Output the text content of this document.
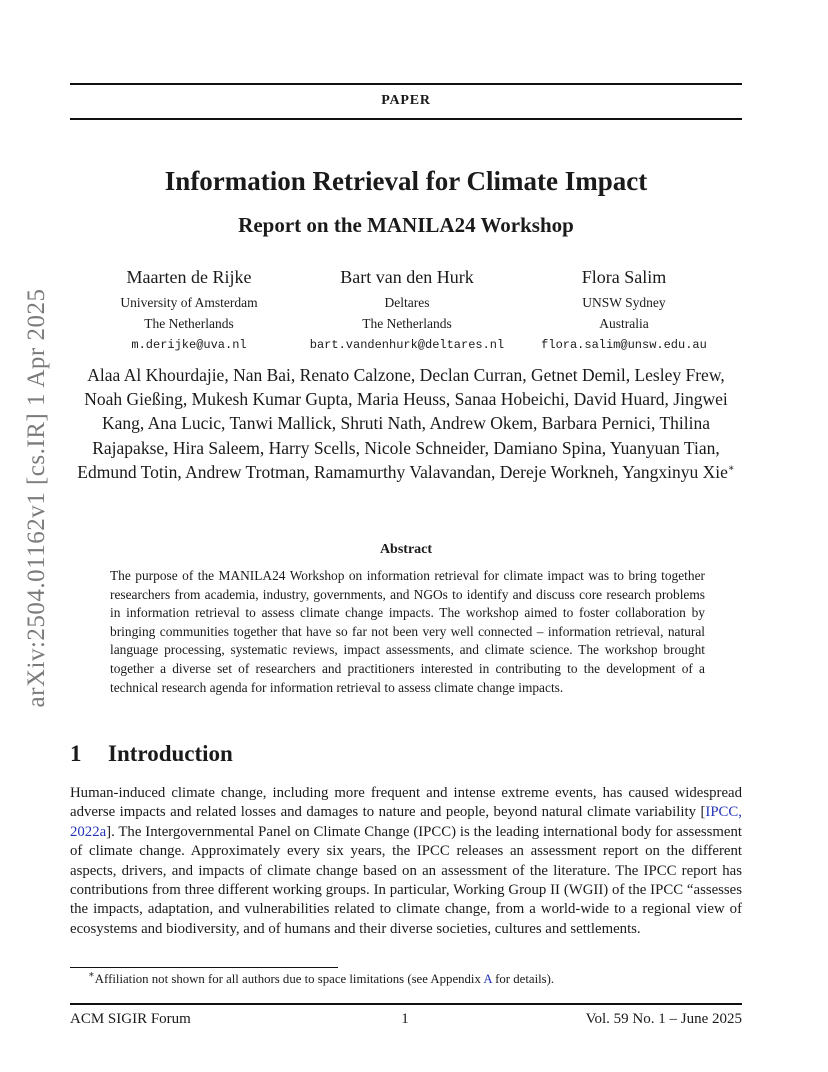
arXiv:2504.01162v1 [cs.IR] 1 Apr 2025
PAPER
Information Retrieval for Climate Impact
Report on the MANILA24 Workshop
Maarten de Rijke
University of Amsterdam
The Netherlands
m.derijke@uva.nl
Bart van den Hurk
Deltares
The Netherlands
bart.vandenhurk@deltares.nl
Flora Salim
UNSW Sydney
Australia
flora.salim@unsw.edu.au
Alaa Al Khourdajie, Nan Bai, Renato Calzone, Declan Curran, Getnet Demil, Lesley Frew, Noah Gießing, Mukesh Kumar Gupta, Maria Heuss, Sanaa Hobeichi, David Huard, Jingwei Kang, Ana Lucic, Tanwi Mallick, Shruti Nath, Andrew Okem, Barbara Pernici, Thilina Rajapakse, Hira Saleem, Harry Scells, Nicole Schneider, Damiano Spina, Yuanyuan Tian, Edmund Totin, Andrew Trotman, Ramamurthy Valavandan, Dereje Workneh, Yangxinyu Xie∗
Abstract
The purpose of the MANILA24 Workshop on information retrieval for climate impact was to bring together researchers from academia, industry, governments, and NGOs to identify and discuss core research problems in information retrieval to assess climate change impacts. The workshop aimed to foster collaboration by bringing communities together that have so far not been very well connected – information retrieval, natural language processing, systematic reviews, impact assessments, and climate science. The workshop brought together a diverse set of researchers and practitioners interested in contributing to the development of a technical research agenda for information retrieval to assess climate change impacts.
1 Introduction
Human-induced climate change, including more frequent and intense extreme events, has caused widespread adverse impacts and related losses and damages to nature and people, beyond natural climate variability [IPCC, 2022a]. The Intergovernmental Panel on Climate Change (IPCC) is the leading international body for assessment of climate change. Approximately every six years, the IPCC releases an assessment report on the different aspects, drivers, and impacts of climate change based on an assessment of the literature. The IPCC report has contributions from three different working groups. In particular, Working Group II (WGII) of the IPCC “assesses the impacts, adaptation, and vulnerabilities related to climate change, from a world-wide to a regional view of ecosystems and biodiversity, and of humans and their diverse societies, cultures and settlements.
∗Affiliation not shown for all authors due to space limitations (see Appendix A for details).
ACM SIGIR Forum	1	Vol. 59 No. 1 – June 2025
